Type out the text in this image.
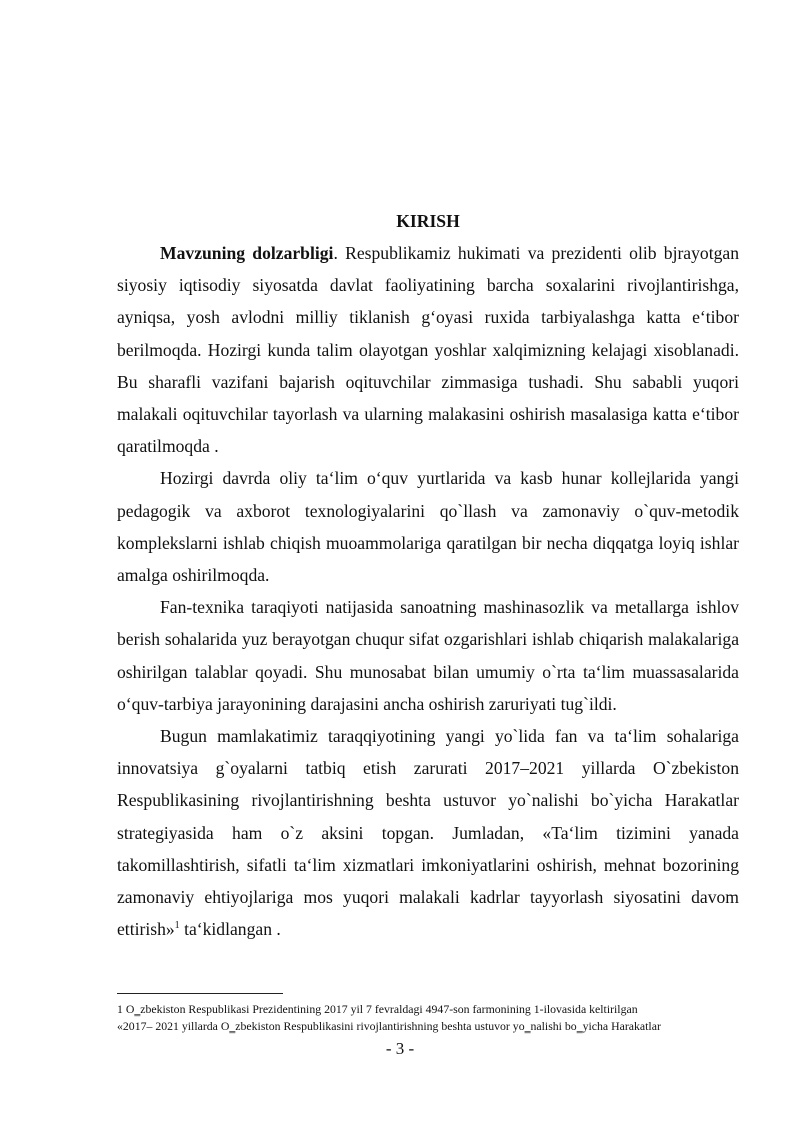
KIRISH

Mavzuning dolzarbligi. Respublikamiz hukimati va prezidenti olib bjrayotgan siyosiy iqtisodiy siyosatda davlat faoliyatining barcha soxalarini rivojlantirishga, ayniqsa, yosh avlodni milliy tiklanish g‘oyasi ruxida tarbiyalashga katta e‘tibor berilmoqda. Hozirgi kunda talim olayotgan yoshlar xalqimizning kelajagi xisoblanadi. Bu sharafli vazifani bajarish oqituvchilar zimmasiga tushadi. Shu sababli yuqori malakali oqituvchilar tayorlash va ularning malakasini oshirish masalasiga katta e‘tibor qaratilmoqda .

Hozirgi davrda oliy ta‘lim o‘quv yurtlarida va kasb hunar kollejlarida yangi pedagogik va axborot texnologiyalarini qo`llash va zamonaviy o`quv-metodik komplekslarni ishlab chiqish muoammolariga qaratilgan bir necha diqqatga loyiq ishlar amalga oshirilmoqda.

Fan-texnika taraqiyoti natijasida sanoatning mashinasozlik va metallarga ishlov berish sohalarida yuz berayotgan chuqur sifat ozgarishlari ishlab chiqarish malakalariga oshirilgan talablar qoyadi. Shu munosabat bilan umumiy o`rta ta‘lim muassasalarida o‘quv-tarbiya jarayonining darajasini ancha oshirish zaruriyati tug`ildi.

Bugun mamlakatimiz taraqqiyotining yangi yo`lida fan va ta‘lim sohalariga innovatsiya g`oyalarni tatbiq etish zarurati 2017–2021 yillarda O`zbekiston Respublikasining rivojlantirishning beshta ustuvor yo`nalishi bo`yicha Harakatlar strategiyasida ham o`z aksini topgan. Jumladan, «Ta‘lim tizimini yanada takomillashtirish, sifatli ta‘lim xizmatlari imkoniyatlarini oshirish, mehnat bozorining zamonaviy ehtiyojlariga mos yuqori malakali kadrlar tayyorlash siyosatini davom ettirish»$^1$ ta‘kidlangan .

1 O‗zbekiston Respublikasi Prezidentining 2017 yil 7 fevraldagi 4947-son farmonining 1-ilovasida keltirilgan
«2017– 2021 yillarda O‗zbekiston Respublikasini rivojlantirishning beshta ustuvor yo‗nalishi bo‗yicha Harakatlar
- 3 -
